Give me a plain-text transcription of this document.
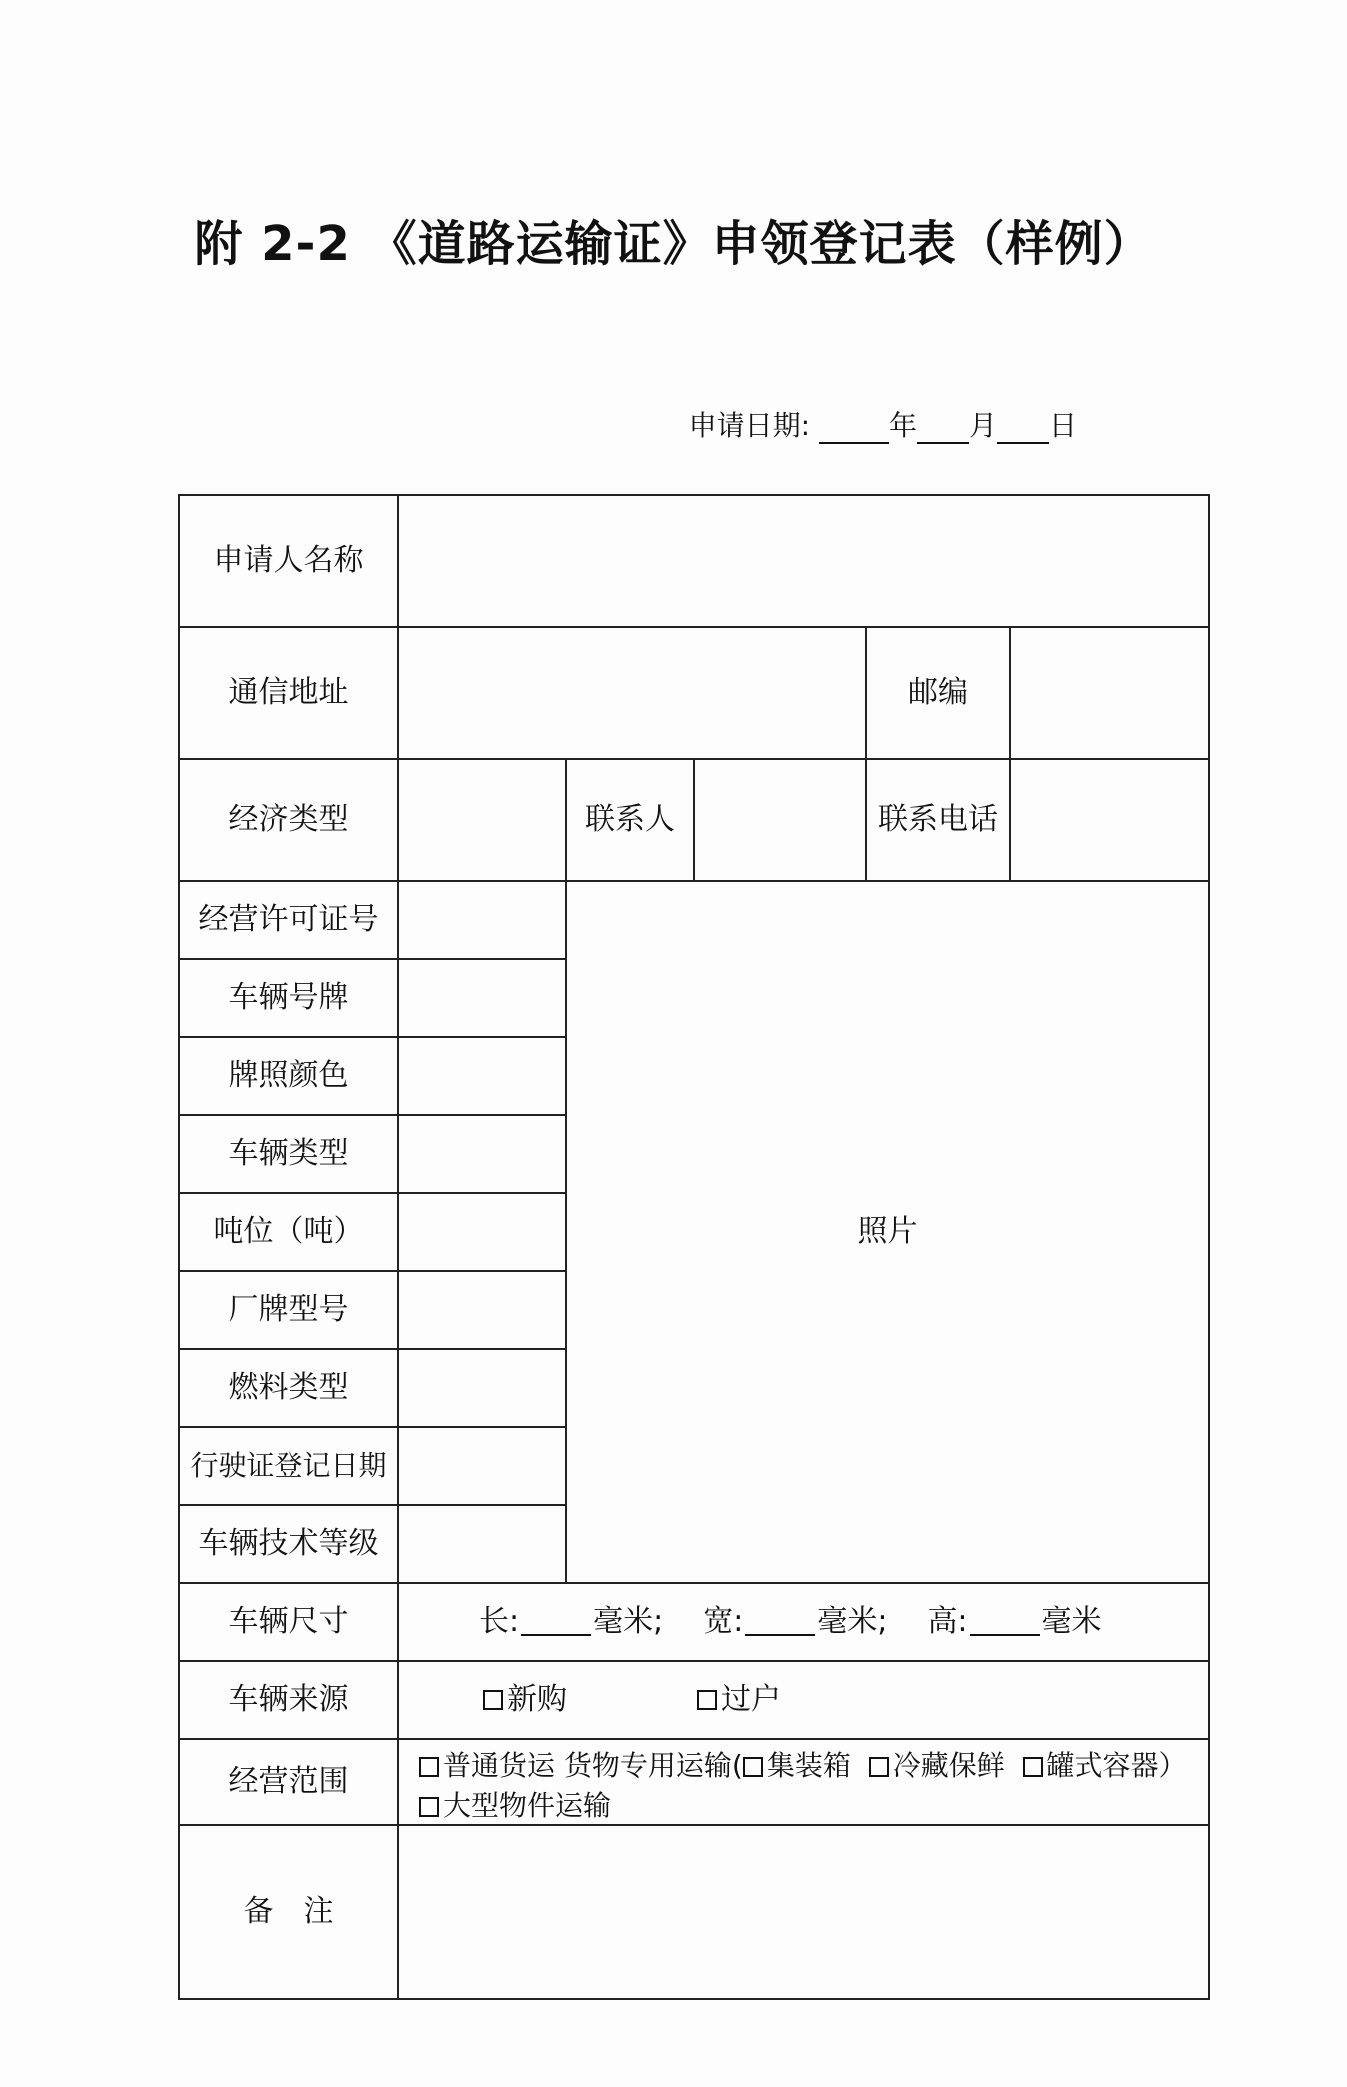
附 2-2 《道路运输证》申领登记表（样例）
申请日期:	年 月 日
申请人名称
通信地址	邮编
经济类型	联系人	联系电话
经营许可证号
车辆号牌
牌照颜色
车辆类型
吨位（吨）
厂牌型号
燃料类型
行驶证登记日期
车辆技术等级
照片
车辆尺寸	长: 毫米; 宽: 毫米; 高: 毫米
车辆来源	新购	过户
经营范围	普通货运 货物专用运输( 集装箱 冷藏保鲜 罐式容器）
大型物件运输
备　注
